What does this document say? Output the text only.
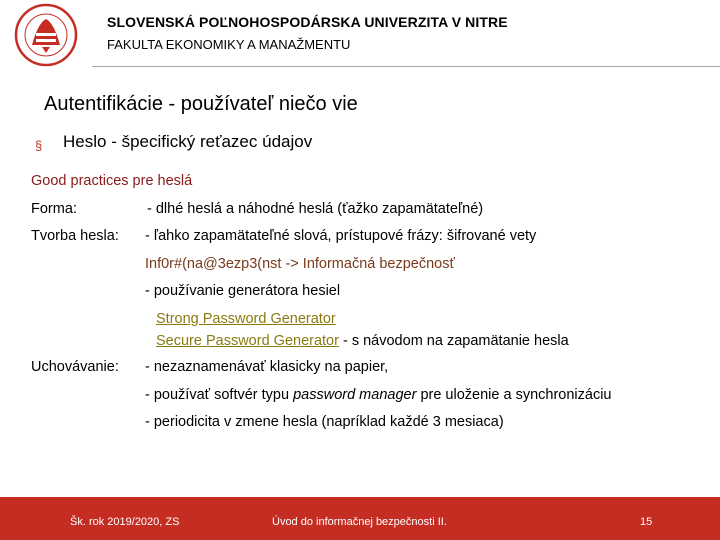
SLOVENSKÁ POĽNOHOSPODÁRSKA UNIVERZITA V NITRE
FAKULTA EKONOMIKY A MANAŽMENTU
Autentifikácie - používateľ niečo vie
§ Heslo - špecifický reťazec údajov
Good practices pre heslá
Forma:	- dlhé heslá a náhodné heslá (ťažko zapamätateľné)
Tvorba hesla: - ľahko zapamätateľné slová, prístupové frázy: šifrované vety
Inf0r#(na@3ezp3(nst -> Informačná bezpečnosť
- používanie generátora hesiel
Strong Password Generator
Secure Password Generator - s návodom na zapamätanie hesla
Uchovávanie: - nezaznamenávať klasicky na papier,
- používať softvér typu password manager pre uloženie a synchronizáciu
- periodicita v zmene hesla (napríklad každé 3 mesiaca)
Šk. rok 2019/2020, ZS	Úvod do informačnej bezpečnosti II.	15
